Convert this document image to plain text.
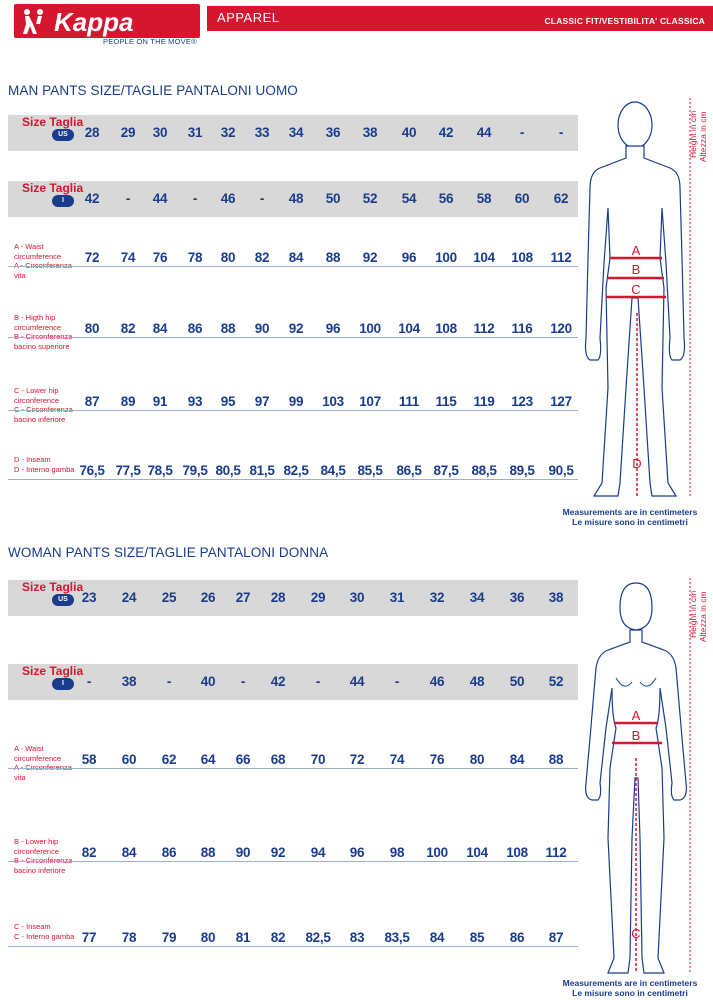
Kappa
PEOPLE ON THE MOVE®
APPAREL	CLASSIC FIT/VESTIBILITA' CLASSICA
MAN PANTS SIZE/TAGLIE PANTALONI UOMO
Size Taglia
US	28	29	30	31	32	33	34	36	38	40	42	44	-	-
Size Taglia
I	42	-	44	-	46	-	48	50	52	54	56	58	60	62
A - Waist circumference
vita
72	74	76	78	80	82	84	88	92	96	100	104	108	112
B - Higth hip circumference
bacino superiore
80	82	84	86	88	90	92	96	100	104	108	112	116	120
C - Lower hip circonference
bacino inferiore
87	89	91	93	95	97	99	103	107	111	115	119	123	127
D - Inseam
D - Interno gamba 76,5 77,5 78,5 79,5 80,5 81,5 82,5 84,5 85,5	86,5 87,5 88,5 89,5	90,5
A
B
C
D
Height in cm Altezza in cm
Measurements are in centimeters
Le misure sono in centimetri
WOMAN PANTS SIZE/TAGLIE PANTALONI DONNA
Size Taglia
US	23	24	25	26	27	28	29	30	31	32	34	36	38
Size Taglia
I	-	38	-	40	-	42	-	44	-	46	48	50	52
A - Waist circumference
vita
58	60	62	64	66	68	70	72	74	76	80	84	88
B - Lower hip circonference
bacino inferiore
82	84	86	88	90	92	94	96	98	100	104	108	112
C - Inseam
C - Interno gamba 77	78	79	80	81	82	82,5	83	83,5	84	85	86	87
A
B
C
Height in cm Altezza in cm
Measurements are in centimeters
Le misure sono in centimetri
